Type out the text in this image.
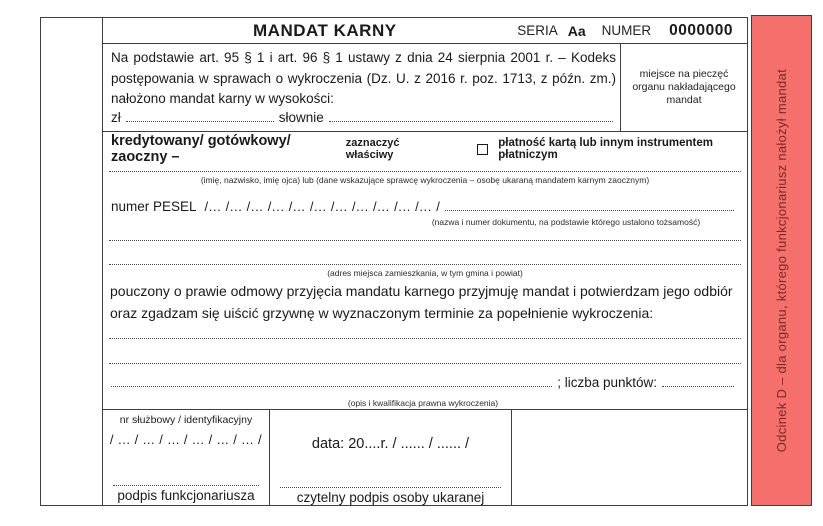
MANDAT KARNY	SERIA Aa NUMER 0000000
Na podstawie art. 95 § 1 i art. 96 § 1 ustawy z dnia 24 sierpnia 2001 r. – Kodeks postępowania w sprawach o wykroczenia (Dz. U. z 2016 r. poz. 1713, z późn. zm.) nałożono mandat karny w wysokości:
miejsce na pieczęć organu nakładającego mandat
zł	słownie
kredytowany/ gotówkowy/ zaoczny –
zaznaczyć właściwy
płatność kartą lub innym instrumentem płatniczym
(imię, nazwisko, imię ojca) lub (dane wskazujące sprawcę wykroczenia – osobę ukaraną mandatem karnym zaocznym)
numer PESEL /... /... /... /... /... /... /... /... /... /... /... /
(nazwa i numer dokumentu, na podstawie którego ustalono tożsamość)
(adres miejsca zamieszkania, w tym gmina i powiat)
pouczony o prawie odmowy przyjęcia mandatu karnego przyjmuję mandat i potwierdzam jego odbiór oraz zgadzam się uiścić grzywnę w wyznaczonym terminie za popełnienie wykroczenia:
; liczba punktów:
(opis i kwalifikacja prawna wykroczenia)
nr służbowy / identyfikacyjny
/ ... / ... / ... / ... / ... / ... /
podpis funkcjonariusza
data: 20....r. / ...... / ...... /
czytelny podpis osoby ukaranej
Odcinek D – dla organu, którego funkcjonariusz nałożył mandat
